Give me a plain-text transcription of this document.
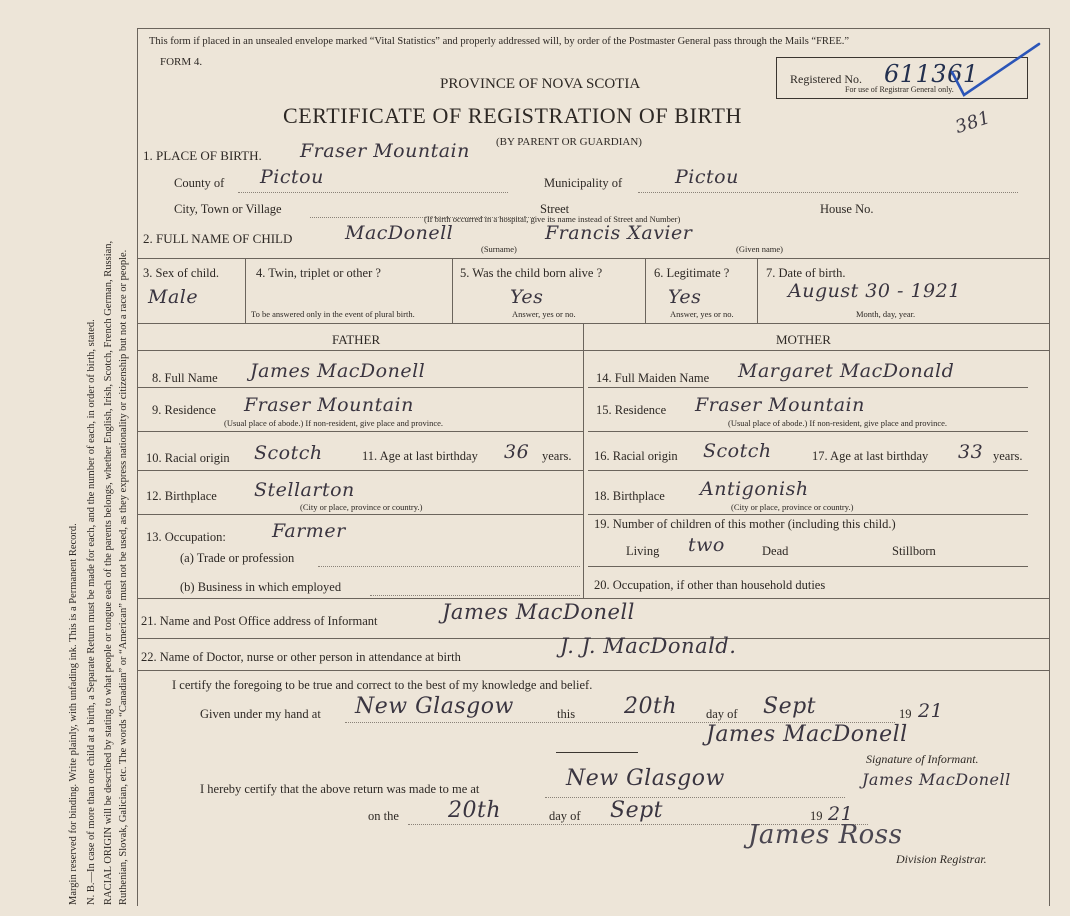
Margin reserved for binding. Write plainly, with unfading ink. This is a Permanent Record. N. B.—In case of more than one child at a birth, a Separate Return must be made for each, and the number of each, in order of birth, stated. RACIAL ORIGIN will be described by stating to what people or tongue each of the parents belongs, whether English, Irish, Scotch, French German, Russian, Ruthenian, Slovak, Galician, etc. The words “Canadian” or “American” must not be used, as they express nationality or citizenship but not a race or people.
This form if placed in an unsealed envelope marked “Vital Statistics” and properly addressed will, by order of the Postmaster General pass through the Mails “FREE.”
FORM 4.
PROVINCE OF NOVA SCOTIA
CERTIFICATE OF REGISTRATION OF BIRTH
Registered No. 611361
For use of Registrar General only.
381
1. PLACE OF BIRTH. Fraser Mountain (BY PARENT OR GUARDIAN)
County of Pictou	Municipality of	Pictou
City, Town or Village	Street	House No.
(If birth occurred in a hospital, give its name instead of Street and Number)
2. FULL NAME OF CHILD	MacDonell	Francis Xavier
(Surname)	(Given name)
3. Sex of child.
Male
4. Twin, triplet or other ?
To be answered only in the event of plural birth.
5. Was the child born alive ?
Yes
Answer, yes or no.
6. Legitimate ?
Yes
Answer, yes or no.
7. Date of birth.
August 30 - 1921
Month, day, year.
FATHER	MOTHER
8. Full Name James MacDonell	14. Full Maiden Name Margaret MacDonald
9. Residence Fraser Mountain
(Usual place of abode.) If non-resident, give place and province.
15. Residence Fraser Mountain
(Usual place of abode.) If non-resident, give place and province.
10. Racial origin Scotch	11. Age at last birthday 36 years. 16. Racial origin Scotch	17. Age at last birthday 33 years.
12. Birthplace Stellarton
(City or place, province or country.)
18. Birthplace Antigonish
(City or place, province or country.)
13. Occupation: Farmer
(a) Trade or profession
(b) Business in which employed
19. Number of children of this mother (including this child.)
Living two	Dead	Stillborn
20. Occupation, if other than household duties
21. Name and Post Office address of Informant	James MacDonell
22. Name of Doctor, nurse or other person in attendance at birth	J. J. MacDonald.
I certify the foregoing to be true and correct to the best of my knowledge and belief.
Given under my hand at New Glasgow	this 20th day of Sept	19 21
James MacDonell
Signature of Informant.
I hereby certify that the above return was made to me at	New Glasgow	James MacDonell
on the 20th	day of Sept	19 21
James Ross
Division Registrar.
